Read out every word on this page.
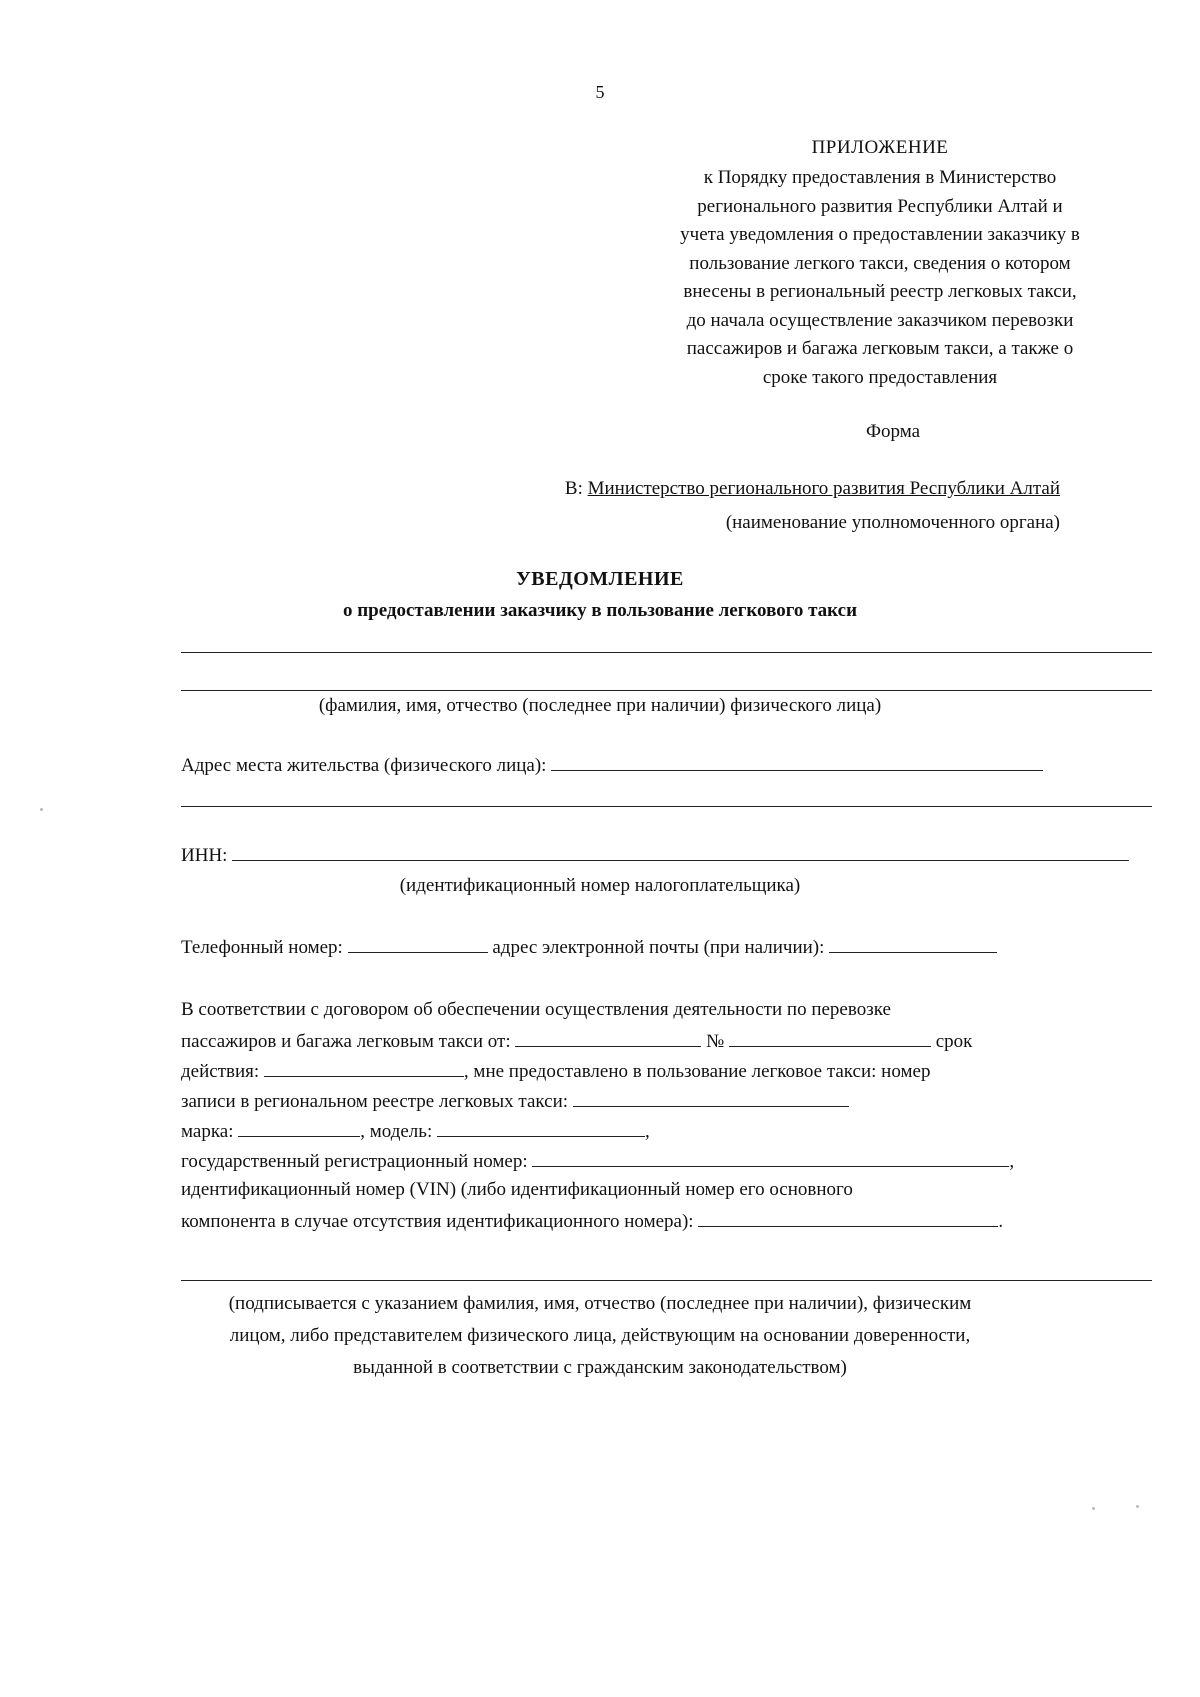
5
ПРИЛОЖЕНИЕ
к Порядку предоставления в Министерство
регионального развития Республики Алтай и
учета уведомления о предоставлении заказчику в
пользование легкого такси, сведения о котором
внесены в региональный реестр легковых такси,
до начала осуществление заказчиком перевозки
пассажиров и багажа легковым такси, а также о
сроке такого предоставления
Форма
В: Министерство регионального развития Республики Алтай
(наименование уполномоченного органа)
УВЕДОМЛЕНИЕ
о предоставлении заказчику в пользование легкового такси
(фамилия, имя, отчество (последнее при наличии) физического лица)
Адрес места жительства (физического лица):
ИНН:
(идентификационный номер налогоплательщика)
Телефонный номер:	адрес электронной почты (при наличии):
В соответствии с договором об обеспечении осуществления деятельности по перевозке
пассажиров и багажа легковым такси от:	№	срок
действия:	, мне предоставлено в пользование легковое такси: номер
записи в региональном реестре легковых такси:
марка:	, модель:	,
государственный регистрационный номер:	,
идентификационный номер (VIN) (либо идентификационный номер его основного
компонента в случае отсутствия идентификационного номера):	.
(подписывается с указанием фамилия, имя, отчество (последнее при наличии), физическим
лицом, либо представителем физического лица, действующим на основании доверенности,
выданной в соответствии с гражданским законодательством)
